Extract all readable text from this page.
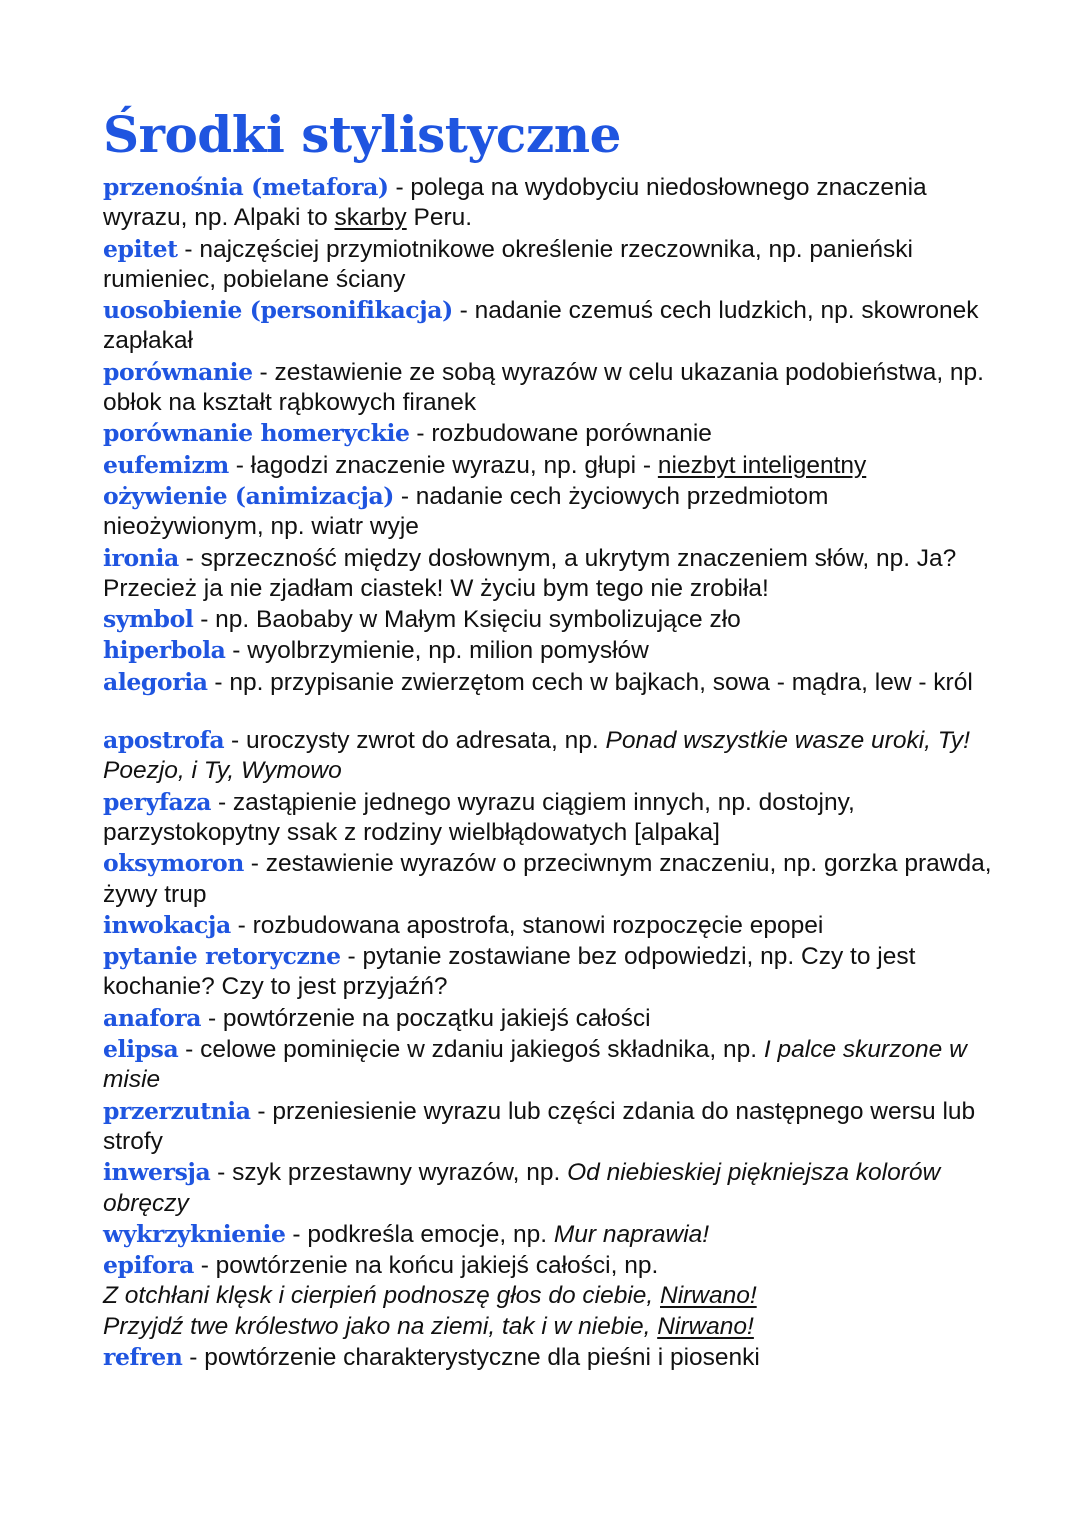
Środki stylistyczne

przenośnia (metafora) - polega na wydobyciu niedosłownego znaczenia wyrazu, np. Alpaki to skarby Peru.

epitet - najczęściej przymiotnikowe określenie rzeczownika, np. panieński rumieniec, pobielane ściany

uosobienie (personifikacja) - nadanie czemuś cech ludzkich, np. skowronek zapłakał

porównanie - zestawienie ze sobą wyrazów w celu ukazania podobieństwa, np. obłok na kształt rąbkowych firanek

porównanie homeryckie - rozbudowane porównanie

eufemizm - łagodzi znaczenie wyrazu, np. głupi - niezbyt inteligentny

ożywienie (animizacja) - nadanie cech życiowych przedmiotom nieożywionym, np. wiatr wyje

ironia - sprzeczność między dosłownym, a ukrytym znaczeniem słów, np. Ja? Przecież ja nie zjadłam ciastek! W życiu bym tego nie zrobiła!

symbol - np. Baobaby w Małym Księciu symbolizujące zło

hiperbola - wyolbrzymienie, np. milion pomysłów

alegoria - np. przypisanie zwierzętom cech w bajkach, sowa - mądra, lew - król

apostrofa - uroczysty zwrot do adresata, np. Ponad wszystkie wasze uroki, Ty! Poezjo, i Ty, Wymowo

peryfaza - zastąpienie jednego wyrazu ciągiem innych, np. dostojny, parzystokopytny ssak z rodziny wielbłądowatych [alpaka]

oksymoron - zestawienie wyrazów o przeciwnym znaczeniu, np. gorzka prawda, żywy trup

inwokacja - rozbudowana apostrofa, stanowi rozpoczęcie epopei

pytanie retoryczne - pytanie zostawiane bez odpowiedzi, np. Czy to jest kochanie? Czy to jest przyjaźń?

anafora - powtórzenie na początku jakiejś całości

elipsa - celowe pominięcie w zdaniu jakiegoś składnika, np. I palce skurzone w misie

przerzutnia - przeniesienie wyrazu lub części zdania do następnego wersu lub strofy

inwersja - szyk przestawny wyrazów, np. Od niebieskiej piękniejsza kolorów obręczy

wykrzyknienie - podkreśla emocje, np. Mur naprawia!

epifora - powtórzenie na końcu jakiejś całości, np.

Z otchłani klęsk i cierpień podnoszę głos do ciebie, Nirwano!

Przyjdź twe królestwo jako na ziemi, tak i w niebie, Nirwano!

refren - powtórzenie charakterystyczne dla pieśni i piosenki
